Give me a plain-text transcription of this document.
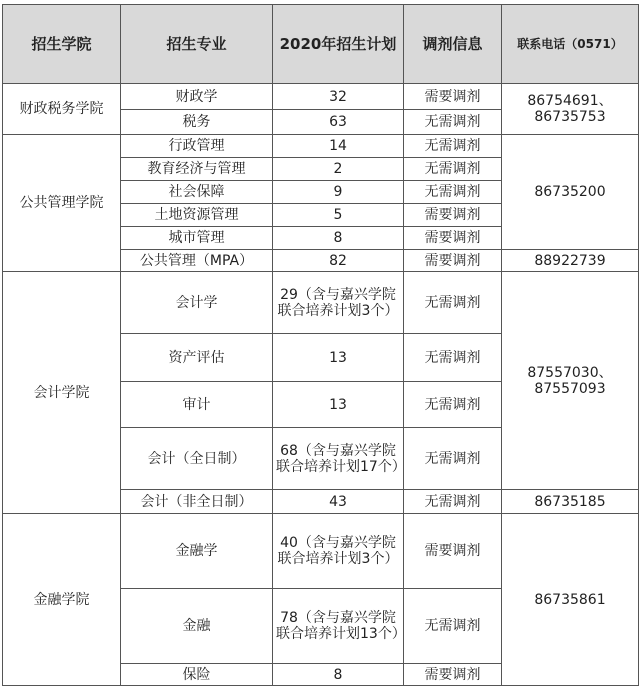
招生学院	招生专业	2020年招生计划	调剂信息	联系电话（0571）
财政税务学院	财政学	32	需要调剂	86754691、
86735753

	税务	63	无需调剂	
公共管理学院	行政管理	14	无需调剂	86735200

	教育经济与管理	2	无需调剂	
	社会保障	9	无需调剂	
	土地资源管理	5	需要调剂	
	城市管理	8	需要调剂	
	公共管理（MPA）	82	需要调剂	88922739

会计学院	会计学	29（含与嘉兴学院联合培养计划3个）	无需调剂	87557030、
87557093

	资产评估	13	无需调剂	
	审计	13	无需调剂	
	会计（全日制）	68（含与嘉兴学院联合培养计划17个）	无需调剂	
	会计（非全日制）	43	无需调剂	86735185

金融学院	金融学	40（含与嘉兴学院联合培养计划3个）	需要调剂	86735861

	金融	78（含与嘉兴学院联合培养计划13个）	无需调剂	
	保险	8	需要调剂	
